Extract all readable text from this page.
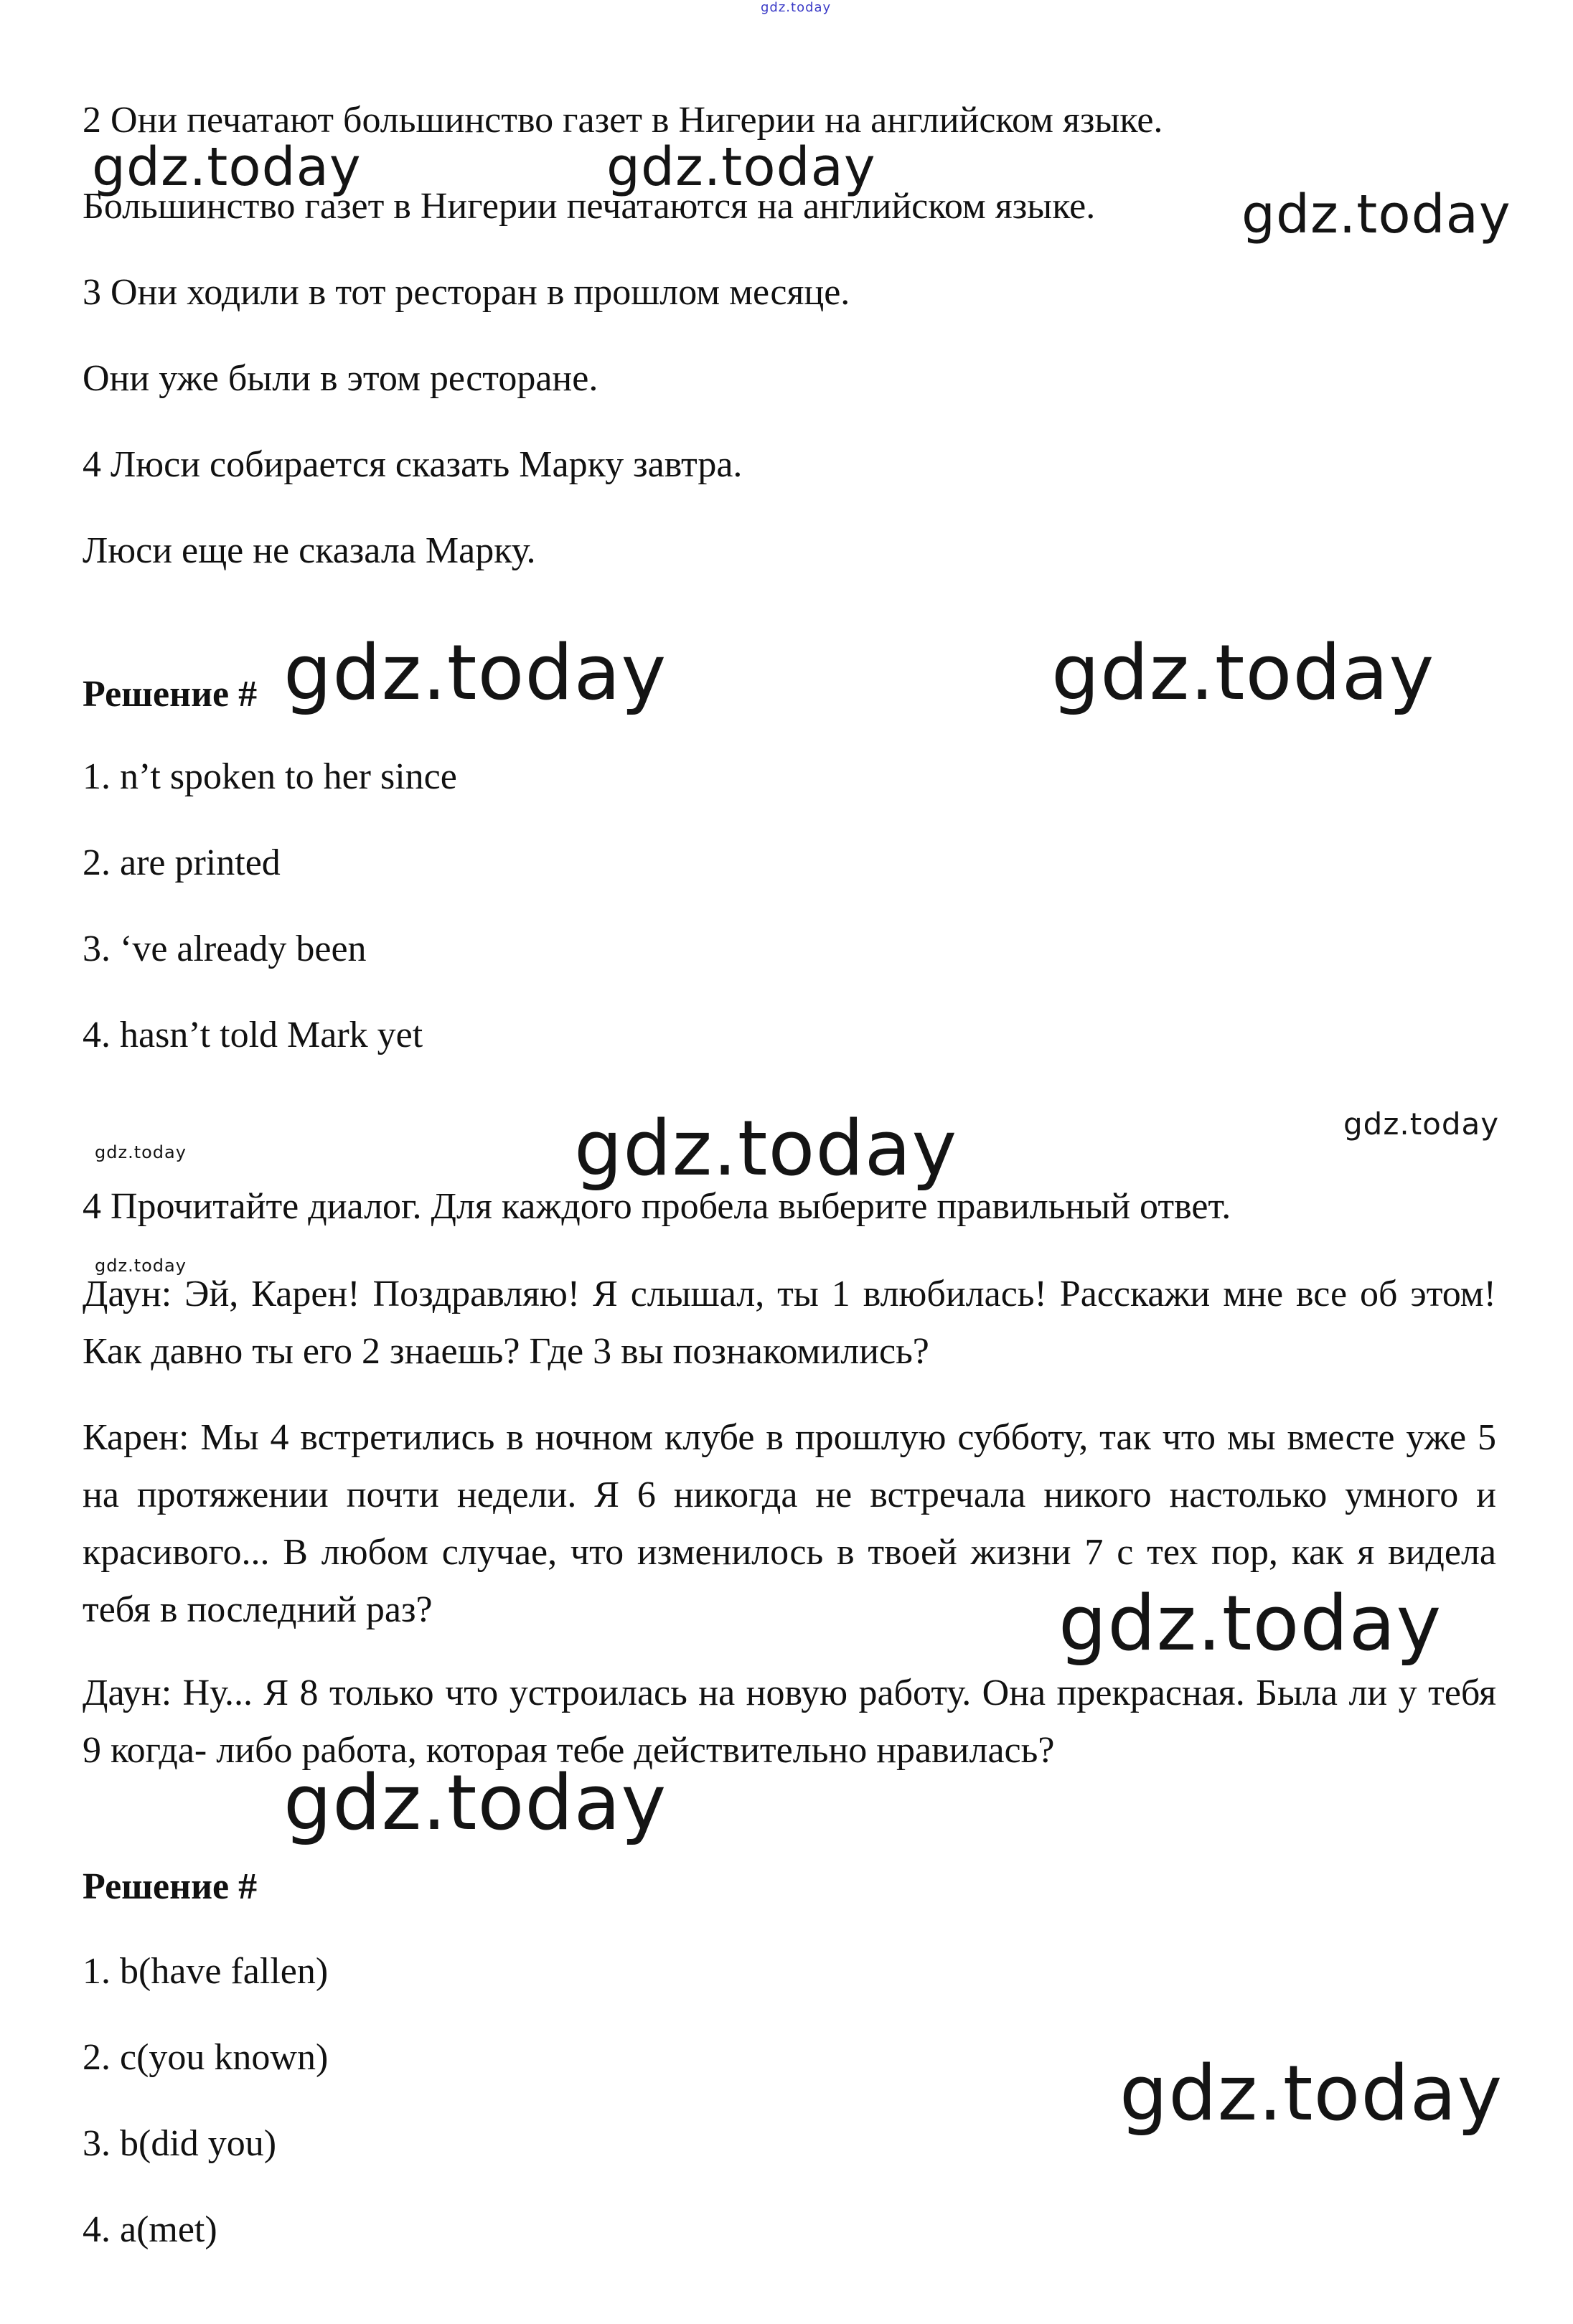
gdz.today
gdz.today	gdz.today
gdz.today
gdz.today	gdz.today
gdz.today	gdz.today	gdz.today
gdz.today
gdz.today
gdz.today
gdz.today

2 Они печатают большинство газет в Нигерии на английском языке.

Большинство газет в Нигерии печатаются на английском языке.

3 Они ходили в тот ресторан в прошлом месяце.

Они уже были в этом ресторане.

4 Люси собирается сказать Марку завтра.

Люси еще не сказала Марку.

Решение #

1. n’t spoken to her since

2. are printed

3. ‘ve already been

4. hasn’t told Mark yet

4 Прочитайте диалог. Для каждого пробела выберите правильный ответ.

Даун: Эй, Карен! Поздравляю! Я слышал, ты 1 влюбилась! Расскажи мне все об этом! Как давно ты его 2 знаешь? Где 3 вы познакомились?

Карен: Мы 4 встретились в ночном клубе в прошлую субботу, так что мы вместе уже 5 на протяжении почти недели. Я 6 никогда не встречала никого настолько умного и красивого... В любом случае, что изменилось в твоей жизни 7 с тех пор, как я видела тебя в последний раз?

Даун: Ну... Я 8 только что устроилась на новую работу. Она прекрасная. Была ли у тебя 9 когда- либо работа, которая тебе действительно нравилась?

Решение #

1. b(have fallen)

2. c(you known)

3. b(did you)

4. a(met)
